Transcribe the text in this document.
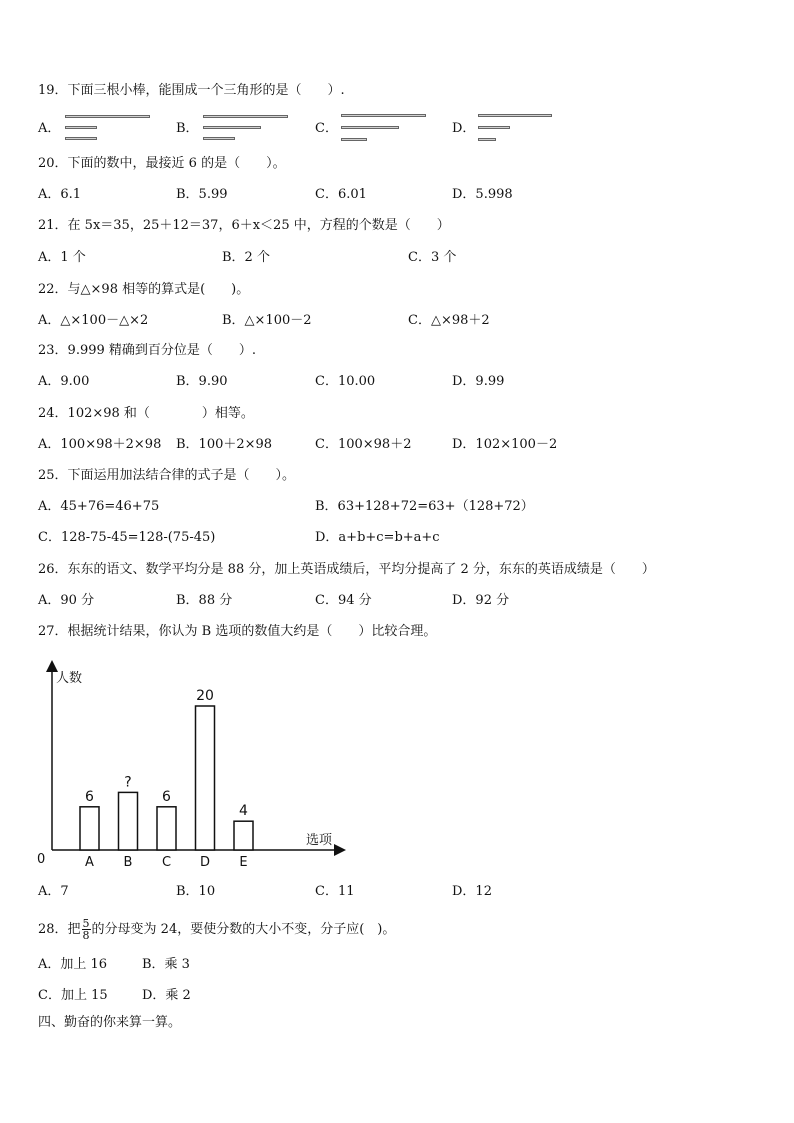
19．下面三根小棒，能围成一个三角形的是（　　）.
A．	B．	C．	D．
20．下面的数中，最接近 6 的是（　　）。
A．6.1	B．5.99	C．6.01	D．5.998
21．在 5x＝35，25＋12＝37，6＋x＜25 中，方程的个数是（　　）
A．1 个	B．2 个	C．3 个
22．与△×98 相等的算式是(　　)。
A．△×100－△×2	B．△×100－2	C．△×98＋2
23．9.999 精确到百分位是（　　）.
A．9.00	B．9.90	C．10.00	D．9.99
24．102×98 和（　　　　）相等。
A．100×98＋2×98 B．100＋2×98	C．100×98＋2	D．102×100－2
25．下面运用加法结合律的式子是（　　）。
A．45+76=46+75	B．63+128+72=63+（128+72）
C．128-75-45=128-(75-45)	D．a+b+c=b+a+c
26．东东的语文、数学平均分是 88 分，加上英语成绩后，平均分提高了 2 分，东东的英语成绩是（　　）
A．90 分	B．88 分	C．94 分	D．92 分
27．根据统计结果，你认为 B 选项的数值大约是（　　）比较合理。
人数
选项
0
6
A
?
B
6
C
20
D
4
E
A．7	B．10	C．11	D．12
28．把 $\frac{5}{8}$ 的分母变为 24，要使分数的大小不变，分子应(　)。
A．加上 16	B．乘 3
C．加上 15	D．乘 2
四、勤奋的你来算一算。
